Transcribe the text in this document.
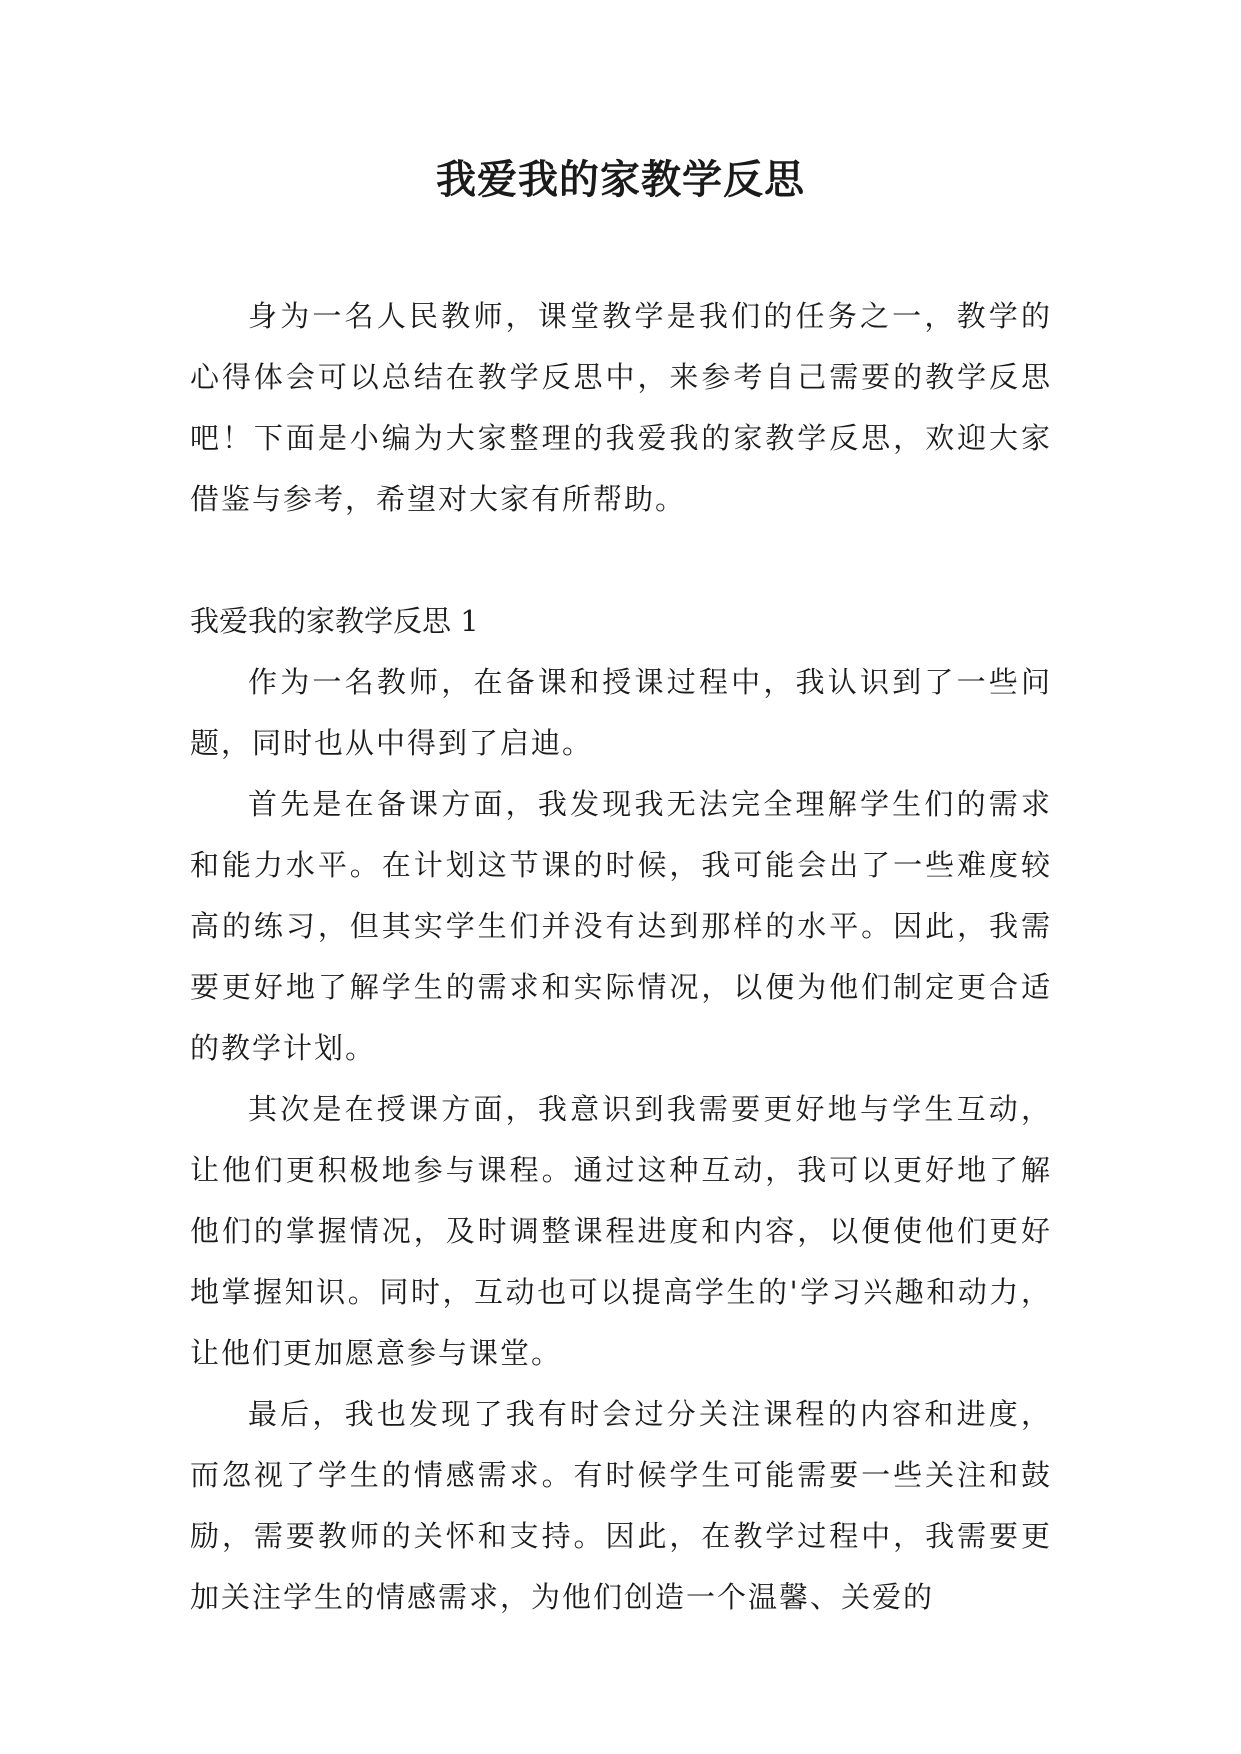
我爱我的家教学反思

身为一名人民教师，课堂教学是我们的任务之一，教学的心得体会可以总结在教学反思中，来参考自己需要的教学反思吧！下面是小编为大家整理的我爱我的家教学反思，欢迎大家借鉴与参考，希望对大家有所帮助。

我爱我的家教学反思 1

作为一名教师，在备课和授课过程中，我认识到了一些问题，同时也从中得到了启迪。

首先是在备课方面，我发现我无法完全理解学生们的需求和能力水平。在计划这节课的时候，我可能会出了一些难度较高的练习，但其实学生们并没有达到那样的水平。因此，我需要更好地了解学生的需求和实际情况，以便为他们制定更合适的教学计划。

其次是在授课方面，我意识到我需要更好地与学生互动，让他们更积极地参与课程。通过这种互动，我可以更好地了解他们的掌握情况，及时调整课程进度和内容，以便使他们更好地掌握知识。同时，互动也可以提高学生的'学习兴趣和动力，让他们更加愿意参与课堂。

最后，我也发现了我有时会过分关注课程的内容和进度，而忽视了学生的情感需求。有时候学生可能需要一些关注和鼓励，需要教师的关怀和支持。因此，在教学过程中，我需要更加关注学生的情感需求，为他们创造一个温馨、关爱的
